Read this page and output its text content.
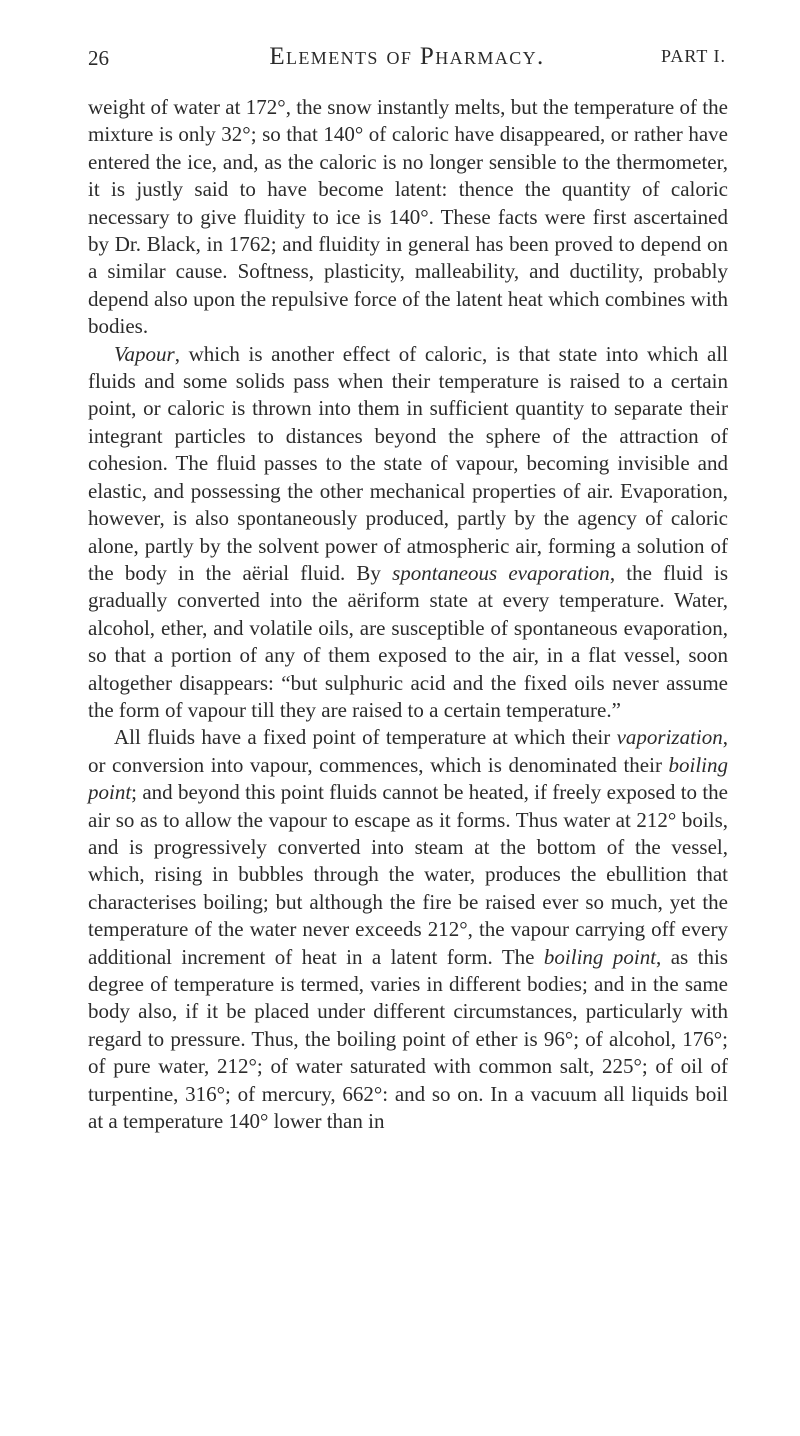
26	Elements of Pharmacy.	PART I.

weight of water at 172°, the snow instantly melts, but the temperature of the mixture is only 32°; so that 140° of caloric have disappeared, or rather have entered the ice, and, as the caloric is no longer sensible to the thermometer, it is justly said to have become latent: thence the quantity of caloric necessary to give fluidity to ice is 140°. These facts were first ascertained by Dr. Black, in 1762; and fluidity in general has been proved to depend on a similar cause. Softness, plasticity, malleability, and ductility, probably depend also upon the repulsive force of the latent heat which combines with bodies.

Vapour, which is another effect of caloric, is that state into which all fluids and some solids pass when their temperature is raised to a certain point, or caloric is thrown into them in sufficient quantity to separate their integrant particles to distances beyond the sphere of the attraction of cohesion. The fluid passes to the state of vapour, becoming invisible and elastic, and possessing the other mechanical properties of air. Evaporation, however, is also spontaneously produced, partly by the agency of caloric alone, partly by the solvent power of atmospheric air, forming a solution of the body in the aërial fluid. By spontaneous evaporation, the fluid is gradually converted into the aëriform state at every temperature. Water, alcohol, ether, and volatile oils, are susceptible of spontaneous evaporation, so that a portion of any of them exposed to the air, in a flat vessel, soon altogether disappears: “but sulphuric acid and the fixed oils never assume the form of vapour till they are raised to a certain temperature.”

All fluids have a fixed point of temperature at which their vaporization, or conversion into vapour, commences, which is denominated their boiling point; and beyond this point fluids cannot be heated, if freely exposed to the air so as to allow the vapour to escape as it forms. Thus water at 212° boils, and is progressively converted into steam at the bottom of the vessel, which, rising in bubbles through the water, produces the ebullition that characterises boiling; but although the fire be raised ever so much, yet the temperature of the water never exceeds 212°, the vapour carrying off every additional increment of heat in a latent form. The boiling point, as this degree of temperature is termed, varies in different bodies; and in the same body also, if it be placed under different circumstances, particularly with regard to pressure. Thus, the boiling point of ether is 96°; of alcohol, 176°; of pure water, 212°; of water saturated with common salt, 225°; of oil of turpentine, 316°; of mercury, 662°: and so on. In a vacuum all liquids boil at a temperature 140° lower than in
